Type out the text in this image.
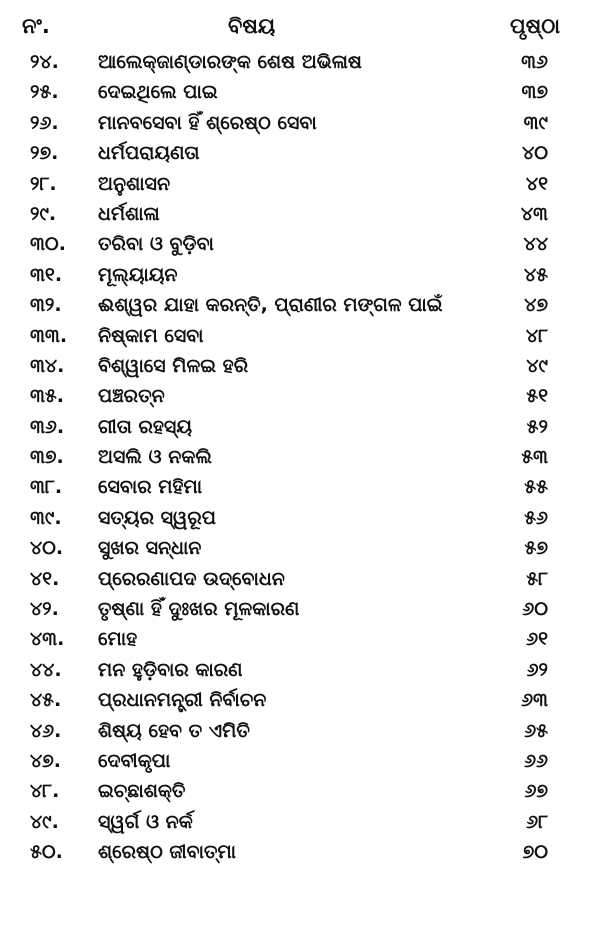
ନଂ.	ବିଷୟ	ପୃଷ୍ଠା
୨୪. ଆଲେକ୍‌ଜାଣ୍ଡାରଙ୍କ ଶେଷ ଅଭିଳାଷ	୩୬
୨୫. ଦେଇଥିଲେ ପାଇ	୩୭
୨୬. ମାନବସେବା ହିଁ ଶ୍ରେଷ୍ଠ ସେବା	୩୯
୨୭. ଧର୍ମପରାୟଣତା	୪୦
୨୮. ଅନୁଶାସନ	୪୧
୨୯. ଧର୍ମଶାଳା	୪୩
୩୦. ତରିବା ଓ ବୁଡ଼ିବା	୪୪
୩୧. ମୂଲ୍ୟାୟନ	୪୫
୩୨. ଈଶ୍ୱର ଯାହା କରନ୍ତି, ପ୍ରାଣୀର ମଙ୍ଗଳ ପାଇଁ	୪୭
୩୩. ନିଷ୍କାମ ସେବା	୪୮
୩୪. ବିଶ୍ୱାସେ ମିଳଇ ହରି	୪୯
୩୫. ପଞ୍ଚରତ୍ନ	୫୧
୩୬. ଗୀତା ରହସ୍ୟ	୫୨
୩୭. ଅସଲି ଓ ନକଲି	୫୩
୩୮. ସେବାର ମହିମା	୫୫
୩୯. ସତ୍ୟର ସ୍ୱରୂପ	୫୬
୪୦. ସୁଖର ସନ୍ଧାନ	୫୭
୪୧. ପ୍ରେରଣାପଦ ଉଦ୍‌ବୋଧନ	୫୮
୪୨. ତୃଷ୍ଣା ହିଁ ଦୁଃଖର ମୂଳକାରଣ	୬୦
୪୩. ମୋହ	୬୧
୪୪. ମନ ହୁଡ଼ିବାର କାରଣ	୬୨
୪୫. ପ୍ରଧାନମନ୍ତ୍ରୀ ନିର୍ବାଚନ	୬୩
୪୬. ଶିଷ୍ୟ ହେବ ତ ଏମିତି	୬୫
୪୭. ଦେବୀକୃପା	୬୬
୪୮. ଇଚ୍ଛାଶକ୍ତି	୬୭
୪୯. ସ୍ୱର୍ଗ ଓ ନର୍କ	୬୮
୫୦. ଶ୍ରେଷ୍ଠ ଜୀବାତ୍ମା	୭୦
